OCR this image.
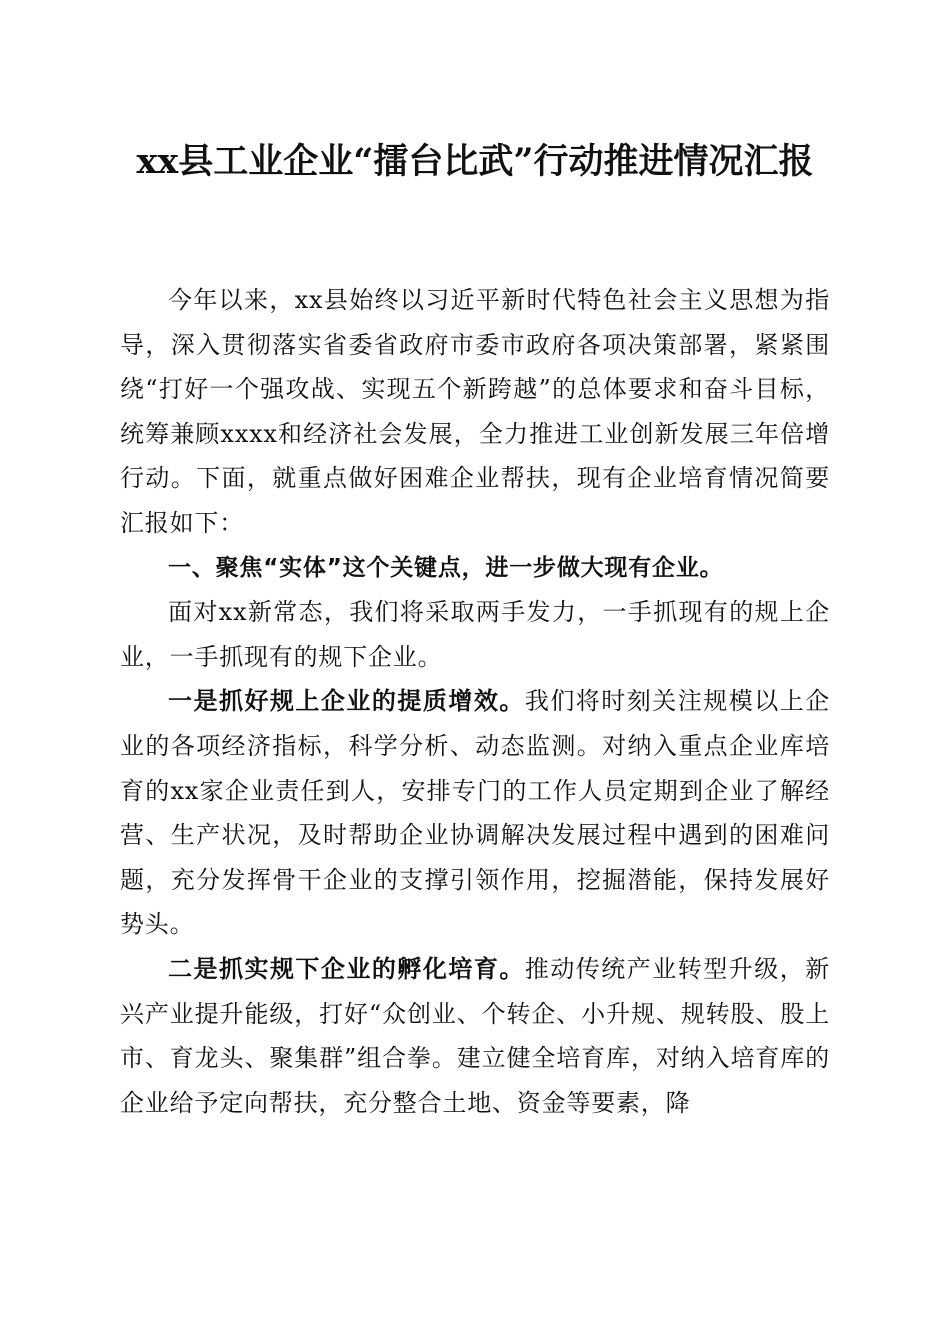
xx县工业企业“擂台比武”行动推进情况汇报

今年以来，xx县始终以习近平新时代特色社会主义思想为指导，深入贯彻落实省委省政府市委市政府各项决策部署，紧紧围绕“打好一个强攻战、实现五个新跨越”的总体要求和奋斗目标，统筹兼顾xxxx和经济社会发展，全力推进工业创新发展三年倍增行动。下面，就重点做好困难企业帮扶，现有企业培育情况简要汇报如下：

一、聚焦“实体”这个关键点，进一步做大现有企业。

面对xx新常态，我们将采取两手发力，一手抓现有的规上企业，一手抓现有的规下企业。

一是抓好规上企业的提质增效。我们将时刻关注规模以上企业的各项经济指标，科学分析、动态监测。对纳入重点企业库培育的xx家企业责任到人，安排专门的工作人员定期到企业了解经营、生产状况，及时帮助企业协调解决发展过程中遇到的困难问题，充分发挥骨干企业的支撑引领作用，挖掘潜能，保持发展好势头。

二是抓实规下企业的孵化培育。推动传统产业转型升级，新兴产业提升能级，打好“众创业、个转企、小升规、规转股、股上市、育龙头、聚集群”组合拳。建立健全培育库，对纳入培育库的企业给予定向帮扶，充分整合土地、资金等要素，降
